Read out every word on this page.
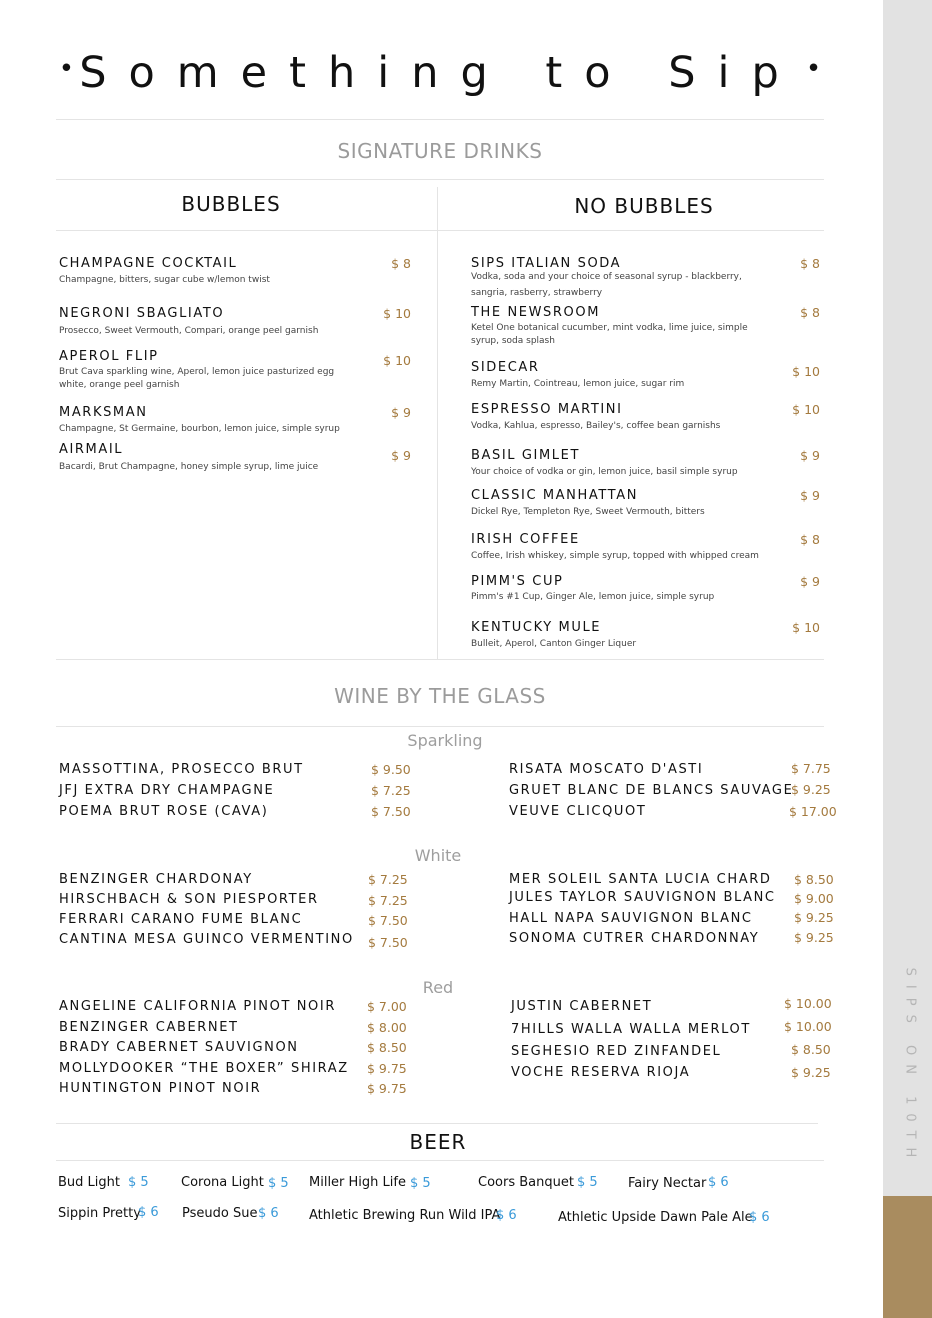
SIPS ON 10TH
• Something to Sip •
SIGNATURE DRINKS
BUBBLES	NO BUBBLES
CHAMPAGNE COCKTAIL
Champagne, bitters, sugar cube w/lemon twist
$ 8
NEGRONI SBAGLIATO
Prosecco, Sweet Vermouth, Compari, orange peel garnish
$ 10
APEROL FLIP
Brut Cava sparkling wine, Aperol, lemon juice pasturized egg white, orange peel garnish
$ 10
MARKSMAN
Champagne, St Germaine, bourbon, lemon juice, simple syrup
$ 9
AIRMAIL
Bacardi, Brut Champagne, honey simple syrup, lime juice
$ 9
SIPS ITALIAN SODA
Vodka, soda and your choice of seasonal syrup - blackberry, sangria, rasberry, strawberry
$ 8
THE NEWSROOM
Ketel One botanical cucumber, mint vodka, lime juice, simple syrup, soda splash
$ 8
SIDECAR
Remy Martin, Cointreau, lemon juice, sugar rim
$ 10
ESPRESSO MARTINI
Vodka, Kahlua, espresso, Bailey's, coffee bean garnishs
$ 10
BASIL GIMLET
Your choice of vodka or gin, lemon juice, basil simple syrup
$ 9
CLASSIC MANHATTAN
Dickel Rye, Templeton Rye, Sweet Vermouth, bitters
$ 9
IRISH COFFEE
Coffee, Irish whiskey, simple syrup, topped with whipped cream
$ 8
PIMM'S CUP
Pimm's #1 Cup, Ginger Ale, lemon juice, simple syrup
$ 9
KENTUCKY MULE
Bulleit, Aperol, Canton Ginger Liquer
$ 10
WINE BY THE GLASS
Sparkling
MASSOTTINA, PROSECCO BRUT	$ 9.50
JFJ EXTRA DRY CHAMPAGNE	$ 7.25
POEMA BRUT ROSE (CAVA)	$ 7.50
RISATA MOSCATO D'ASTI	$ 7.75
GRUET BLANC DE BLANCS SAUVAGE
$ 9.25
VEUVE CLICQUOT	$ 17.00
White
BENZINGER CHARDONAY	$ 7.25
HIRSCHBACH & SON PIESPORTER	$ 7.25
FERRARI CARANO FUME BLANC	$ 7.50
CANTINA MESA GUINCO VERMENTINO $ 7.50
MER SOLEIL SANTA LUCIA CHARD $ 8.50
JULES TAYLOR SAUVIGNON BLANC $ 9.00
HALL NAPA SAUVIGNON BLANC	$ 9.25
SONOMA CUTRER CHARDONNAY	$ 9.25
Red
ANGELINE CALIFORNIA PINOT NOIR $ 7.00
BENZINGER CABERNET	$ 8.00
BRADY CABERNET SAUVIGNON	$ 8.50
MOLLYDOOKER “THE BOXER” SHIRAZ $ 9.75
HUNTINGTON PINOT NOIR	$ 9.75
JUSTIN CABERNET	$ 10.00
7HILLS WALLA WALLA MERLOT	$ 10.00
SEGHESIO RED ZINFANDEL	$ 8.50
VOCHE RESERVA RIOJA	$ 9.25
BEER
Bud Light $ 5 Corona Light $ 5 Miller High Life $ 5	Coors Banquet $ 5 Fairy Nectar $ 6
Sippin Pretty
$ 6 Pseudo Sue $ 6 Athletic Brewing Run Wild IPA
$ 6	Athletic Upside Dawn Pale Ale
$ 6
